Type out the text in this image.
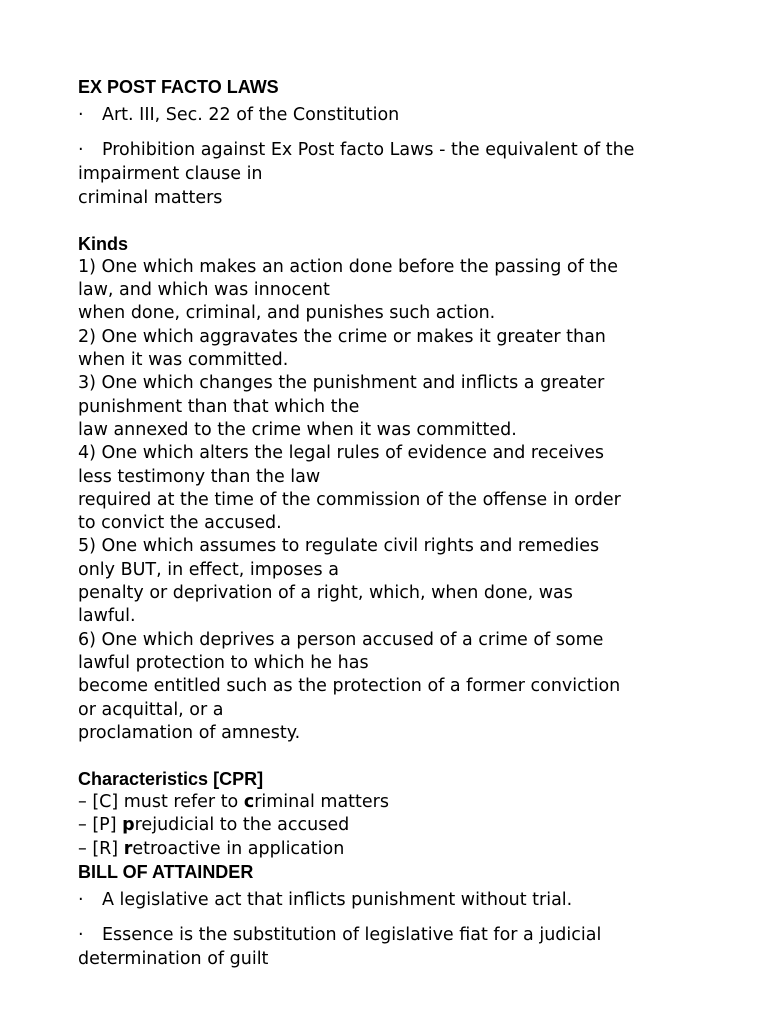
EX POST FACTO LAWS

· Art. III, Sec. 22 of the Constitution

· Prohibition against Ex Post facto Laws - the equivalent of the

impairment clause in
criminal matters
Kinds
1) One which makes an action done before the passing of the
law, and which was innocent
when done, criminal, and punishes such action.
2) One which aggravates the crime or makes it greater than
when it was committed.
3) One which changes the punishment and inflicts a greater
punishment than that which the
law annexed to the crime when it was committed.
4) One which alters the legal rules of evidence and receives
less testimony than the law
required at the time of the commission of the offense in order
to convict the accused.
5) One which assumes to regulate civil rights and remedies
only BUT, in effect, imposes a
penalty or deprivation of a right, which, when done, was
lawful.
6) One which deprives a person accused of a crime of some
lawful protection to which he has
become entitled such as the protection of a former conviction
or acquittal, or a
proclamation of amnesty.
Characteristics [CPR]
– [C] must refer to criminal matters
– [P] prejudicial to the accused
– [R] retroactive in application
BILL OF ATTAINDER

· A legislative act that inflicts punishment without trial.

· Essence is the substitution of legislative fiat for a judicial

determination of guilt
